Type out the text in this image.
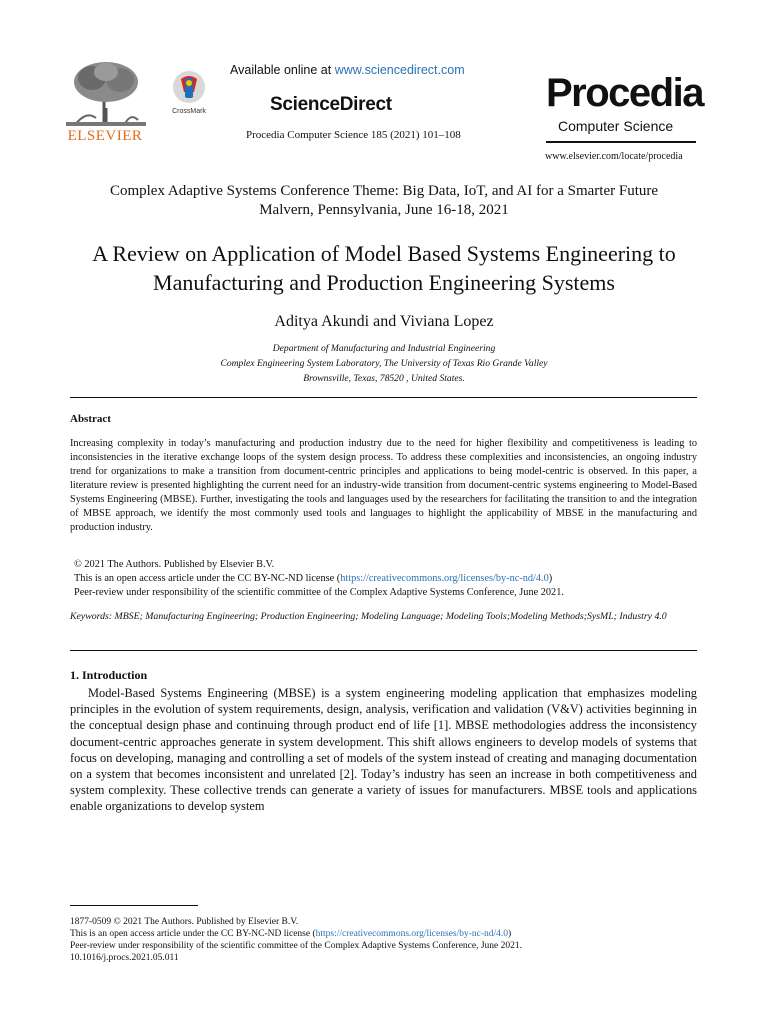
ELSEVIER
CrossMark
Available online at www.sciencedirect.com
ScienceDirect
Procedia Computer Science 185 (2021) 101–108
Procedia
Computer Science
www.elsevier.com/locate/procedia
Complex Adaptive Systems Conference Theme: Big Data, IoT, and AI for a Smarter Future
Malvern, Pennsylvania, June 16-18, 2021
A Review on Application of Model Based Systems Engineering to
Manufacturing and Production Engineering Systems
Aditya Akundi and Viviana Lopez
Department of Manufacturing and Industrial Engineering
Complex Engineering System Laboratory, The University of Texas Rio Grande Valley
Brownsville, Texas, 78520 , United States.
Abstract
Increasing complexity in today’s manufacturing and production industry due to the need for higher flexibility and competitiveness is leading to inconsistencies in the iterative exchange loops of the system design process. To address these complexities and inconsistencies, an ongoing industry trend for organizations to make a transition from document-centric principles and applications to being model-centric is observed. In this paper, a literature review is presented highlighting the current need for an industry-wide transition from document-centric systems engineering to Model-Based Systems Engineering (MBSE). Further, investigating the tools and languages used by the researchers for facilitating the transition to and the integration of MBSE approach, we identify the most commonly used tools and languages to highlight the applicability of MBSE in the manufacturing and production industry.
© 2021 The Authors. Published by Elsevier B.V.
This is an open access article under the CC BY-NC-ND license (https://creativecommons.org/licenses/by-nc-nd/4.0)
Peer-review under responsibility of the scientific committee of the Complex Adaptive Systems Conference, June 2021.
Keywords: MBSE; Manufacturing Engineering; Production Engineering; Modeling Language; Modeling Tools;Modeling Methods;SysML; Industry 4.0
1. Introduction
Model-Based Systems Engineering (MBSE) is a system engineering modeling application that emphasizes modeling principles in the evolution of system requirements, design, analysis, verification and validation (V&V) activities beginning in the conceptual design phase and continuing through product end of life [1]. MBSE methodologies address the inconsistency document-centric approaches generate in system development. This shift allows engineers to develop models of systems that focus on developing, managing and controlling a set of models of the system instead of creating and managing documentation on a system that becomes inconsistent and unrelated [2]. Today’s industry has seen an increase in both competitiveness and system complexity. These collective trends can generate a variety of issues for manufacturers. MBSE tools and applications enable organizations to develop system
1877-0509 © 2021 The Authors. Published by Elsevier B.V.
This is an open access article under the CC BY-NC-ND license (https://creativecommons.org/licenses/by-nc-nd/4.0)
Peer-review under responsibility of the scientific committee of the Complex Adaptive Systems Conference, June 2021.
10.1016/j.procs.2021.05.011
